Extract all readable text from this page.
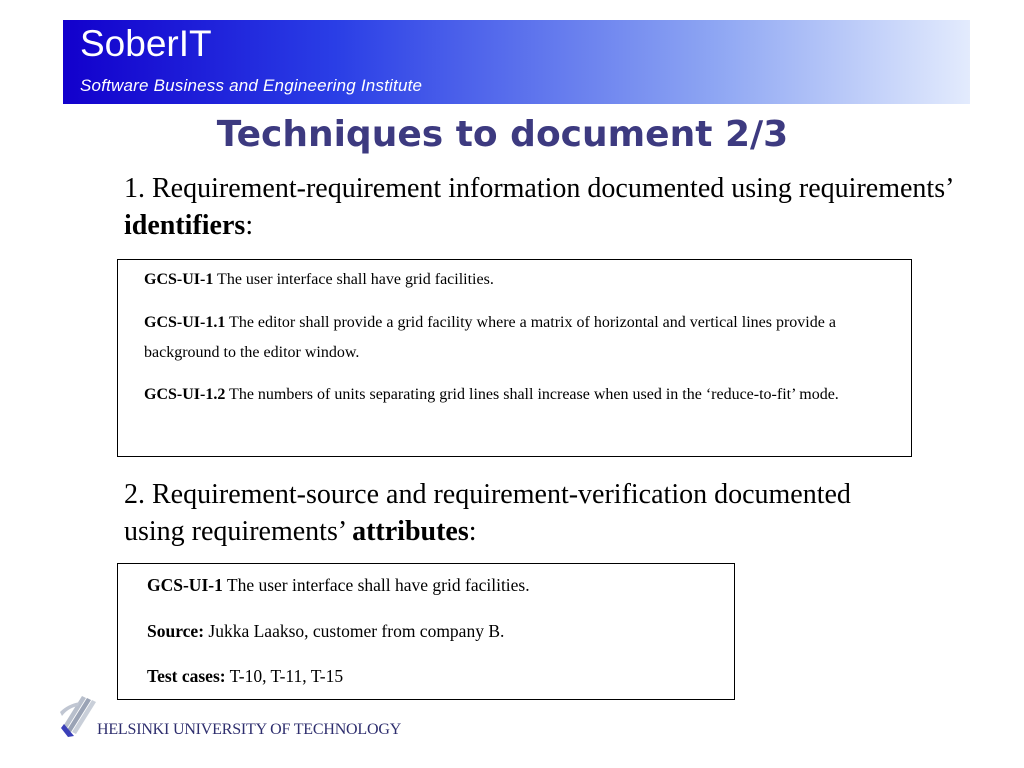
SoberIT
Software Business and Engineering Institute
Techniques to document 2/3
1. Requirement-requirement information documented using requirements’ identifiers:
GCS-UI-1 The user interface shall have grid facilities.
GCS-UI-1.1 The editor shall provide a grid facility where a matrix of horizontal and vertical lines provide a background to the editor window.
GCS-UI-1.2 The numbers of units separating grid lines shall increase when used in the ‘reduce-to-fit’ mode.
2. Requirement-source and requirement-verification documented using requirements’ attributes:
GCS-UI-1 The user interface shall have grid facilities.
Source: Jukka Laakso, customer from company B.
Test cases: T-10, T-11, T-15
HELSINKI UNIVERSITY OF TECHNOLOGY
